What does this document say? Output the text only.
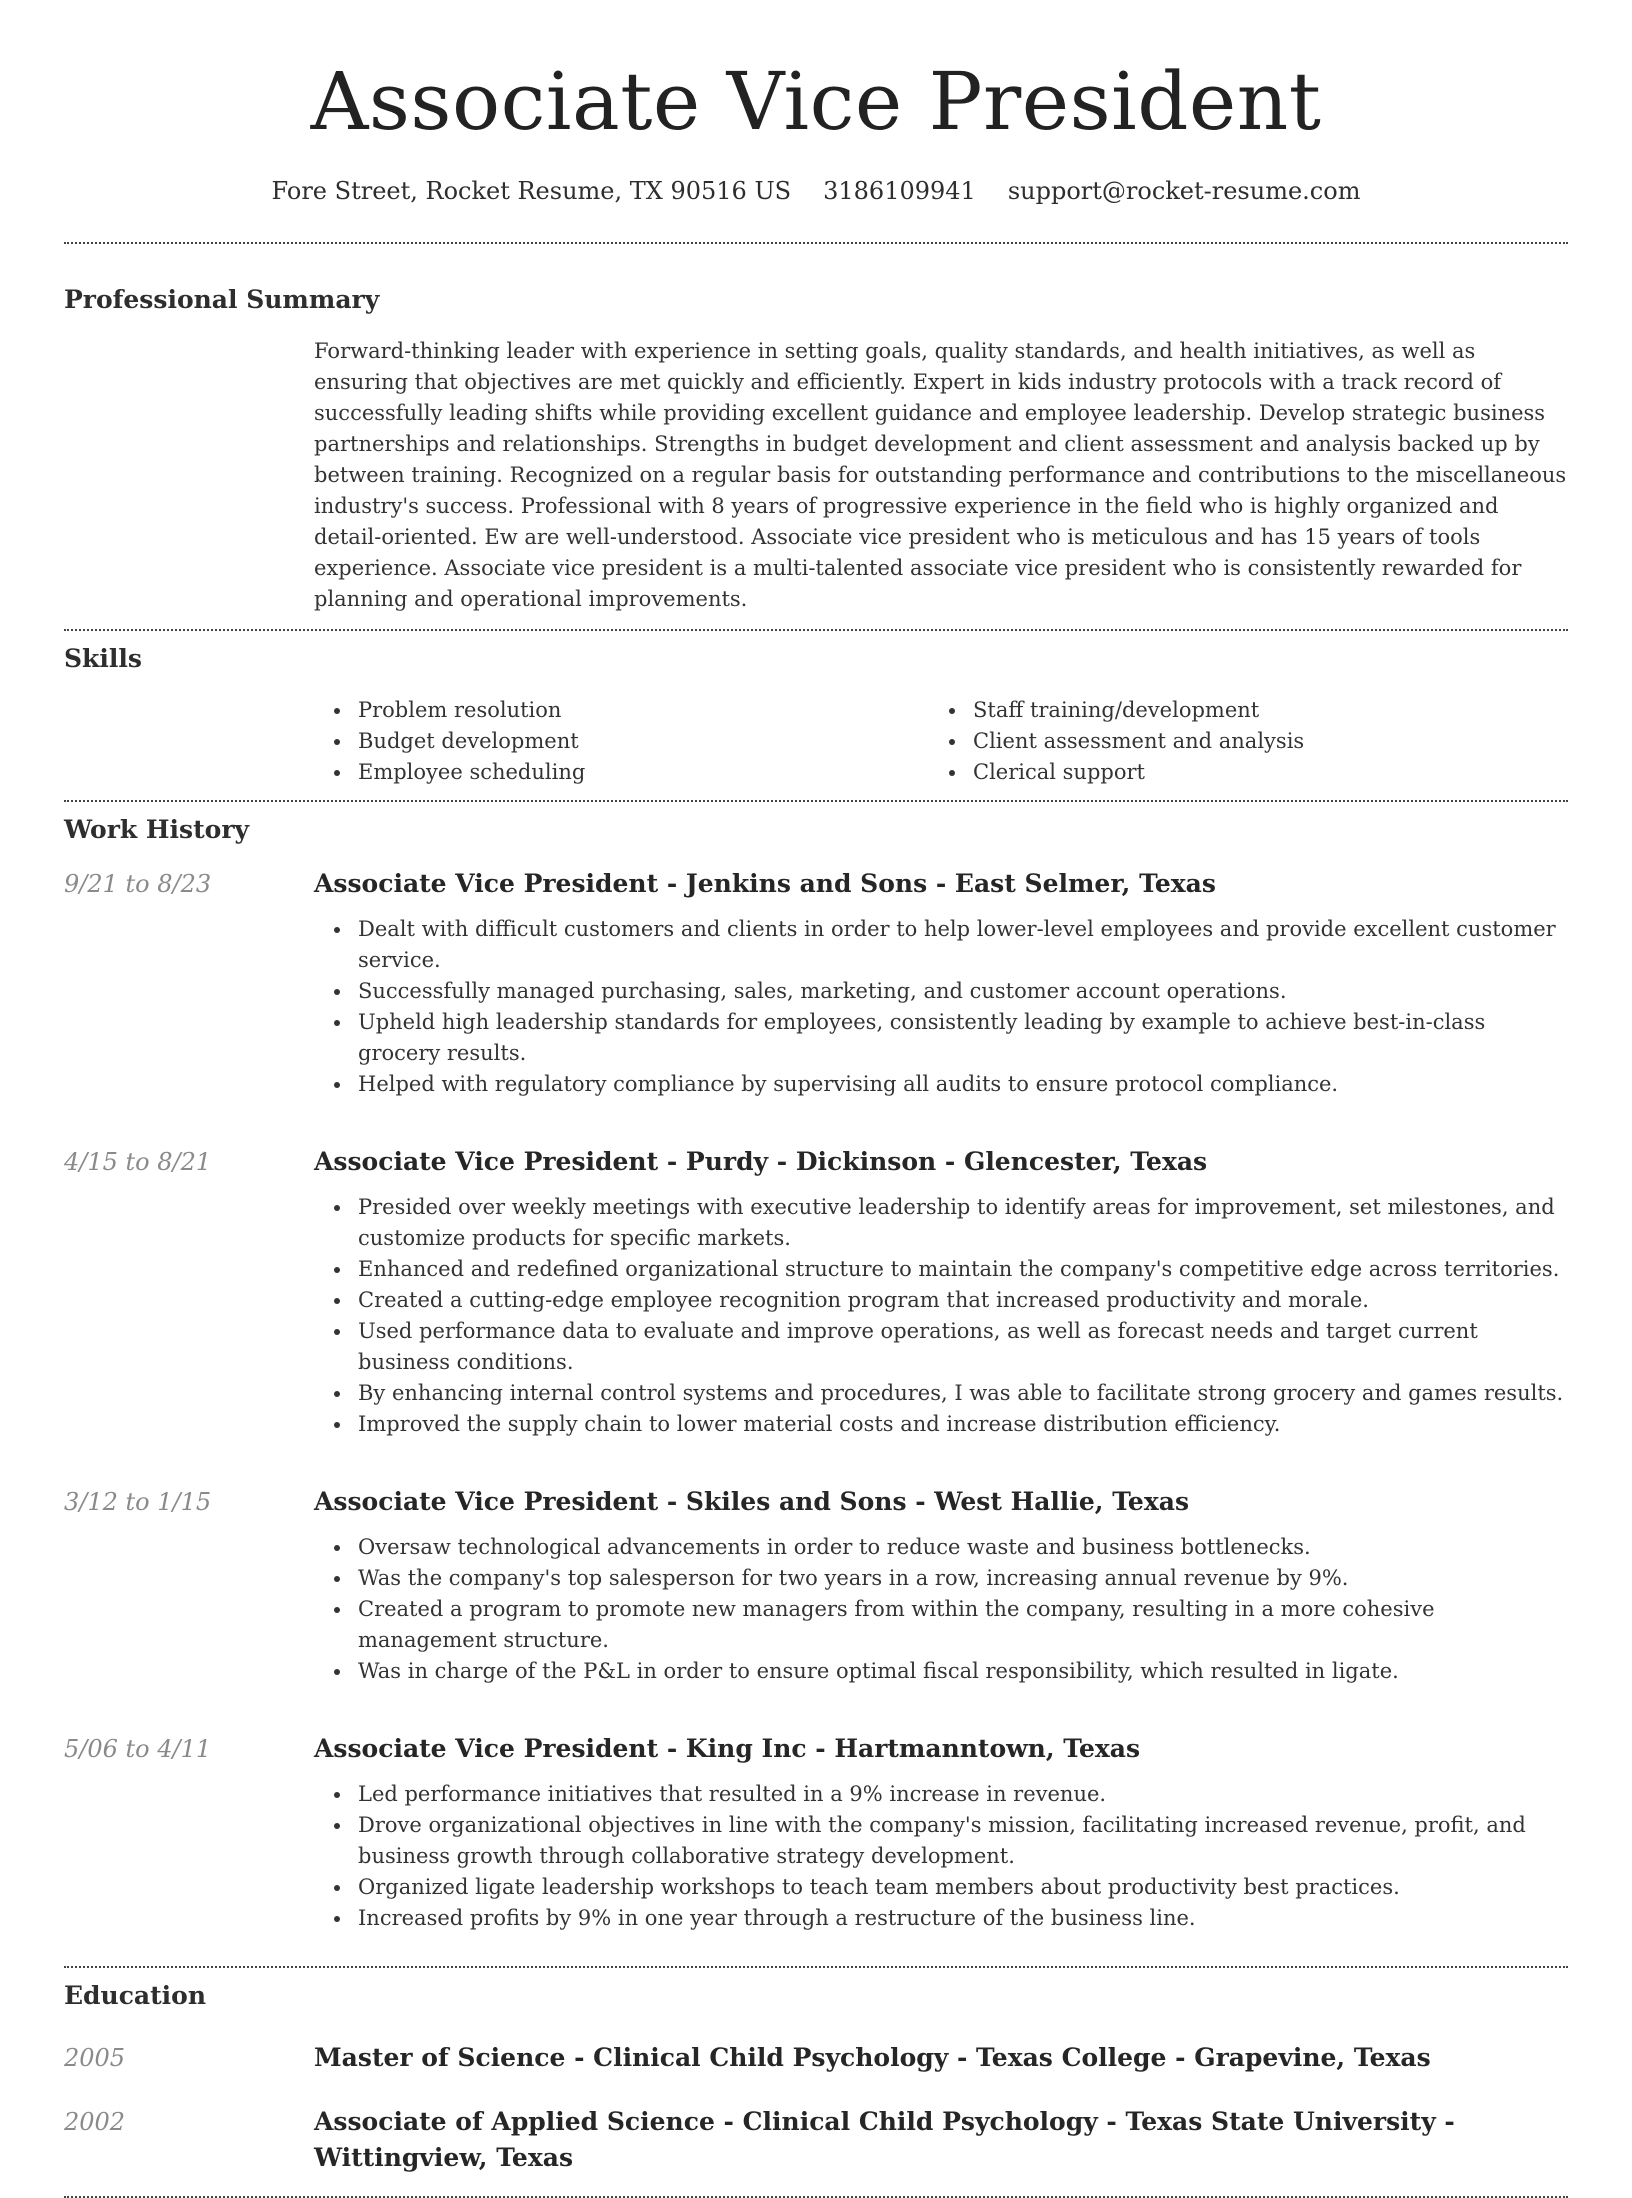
Associate Vice President
Fore Street, Rocket Resume, TX 90516 US 3186109941 support@rocket-resume.com
Professional Summary

Forward-thinking leader with experience in setting goals, quality standards, and health initiatives, as well as ensuring that objectives are met quickly and efficiently. Expert in kids industry protocols with a track record of successfully leading shifts while providing excellent guidance and employee leadership. Develop strategic business partnerships and relationships. Strengths in budget development and client assessment and analysis backed up by between training. Recognized on a regular basis for outstanding performance and contributions to the miscellaneous industry's success. Professional with 8 years of progressive experience in the field who is highly organized and detail-oriented. Ew are well-understood. Associate vice president who is meticulous and has 15 years of tools experience. Associate vice president is a multi-talented associate vice president who is consistently rewarded for planning and operational improvements.

Skills
Problem resolution
Budget development
Employee scheduling
Staff training/development
Client assessment and analysis
Clerical support
Work History
9/21 to 8/23	Associate Vice President - Jenkins and Sons - East Selmer, Texas
Dealt with difficult customers and clients in order to help lower-level employees and provide excellent customer service.
Successfully managed purchasing, sales, marketing, and customer account operations.
Upheld high leadership standards for employees, consistently leading by example to achieve best-in-class grocery results.
Helped with regulatory compliance by supervising all audits to ensure protocol compliance.
4/15 to 8/21	Associate Vice President - Purdy - Dickinson - Glencester, Texas
Presided over weekly meetings with executive leadership to identify areas for improvement, set milestones, and customize products for specific markets.
Enhanced and redefined organizational structure to maintain the company's competitive edge across territories.
Created a cutting-edge employee recognition program that increased productivity and morale.
Used performance data to evaluate and improve operations, as well as forecast needs and target current business conditions.
By enhancing internal control systems and procedures, I was able to facilitate strong grocery and games results.
Improved the supply chain to lower material costs and increase distribution efficiency.
3/12 to 1/15	Associate Vice President - Skiles and Sons - West Hallie, Texas
Oversaw technological advancements in order to reduce waste and business bottlenecks.
Was the company's top salesperson for two years in a row, increasing annual revenue by 9%.
Created a program to promote new managers from within the company, resulting in a more cohesive management structure.
Was in charge of the P&L in order to ensure optimal fiscal responsibility, which resulted in ligate.
5/06 to 4/11	Associate Vice President - King Inc - Hartmanntown, Texas
Led performance initiatives that resulted in a 9% increase in revenue.
Drove organizational objectives in line with the company's mission, facilitating increased revenue, profit, and business growth through collaborative strategy development.
Organized ligate leadership workshops to teach team members about productivity best practices.
Increased profits by 9% in one year through a restructure of the business line.
Education
2005	Master of Science - Clinical Child Psychology - Texas College - Grapevine, Texas
2002	Associate of Applied Science - Clinical Child Psychology - Texas State University - Wittingview, Texas
